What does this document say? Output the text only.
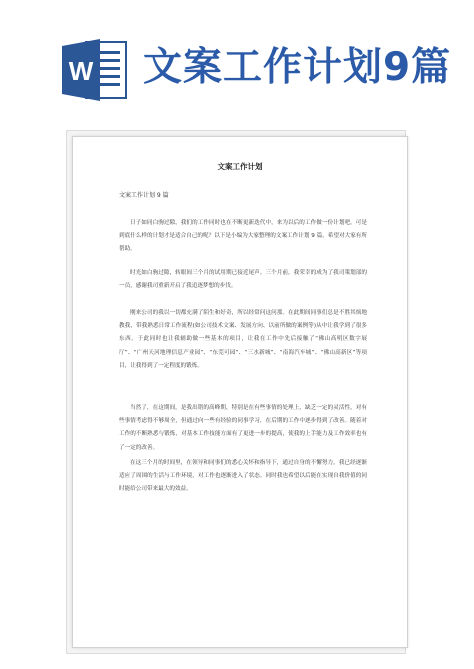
W 文案工作计划9篇
文案工作计划
文案工作计划 9 篇

日子如同白驹过隙，我们的工作同时也在不断更新迭代中，来为以后的工作做一份计划吧。可是到底什么样的计划才是适合自己的呢？以下是小编为大家整理的文案工作计划 9 篇，希望对大家有所帮助。

时光如白驹过隙，转眼间三个月的试用期已接近尾声。三个月前，我荣幸的成为了我司策划部的一员，感谢我司重新开启了我追逐梦想的步伐。

刚来公司的我以一切都充满了陌生和好奇，所以经常问这问那。在此期间同事们总是不胜其烦地教我，带我熟悉日常工作流程(如公司技术文案、发展方向、以前所做的案例等)从中让我学到了很多东西。于此同时也让我辅助做一些基本的项目，让我在工作中先后接触了“佛山高明区数字展厅”、“广州天河地理信息产业园”、“东莞可园”、“三水新城”、“南海汽车城”、“佛山高新区”等项目，让我得到了一定程度的锻炼。

当然了，在这期间，是我出错的高峰期，特别是在有些事情的处理上，缺乏一定的灵活性，对有些事情考虑得不够周全，但通过向一些有经验的同事学习，在后期的工作中逐步得到了改善。随着对工作的不断熟悉与锻炼，对基本工作技能方面有了更进一步的提高，使我的上手能力及工作效率也有了一定的改善。

在这三个月的时间里，在领导和同事们的悉心关怀和指导下，通过自身的不懈努力，我已经逐渐适应了周围的生活与工作环境，对工作也逐渐进入了状态。同时我也希望以后能在实现自我价值的同时能给公司带来最大的效益。
